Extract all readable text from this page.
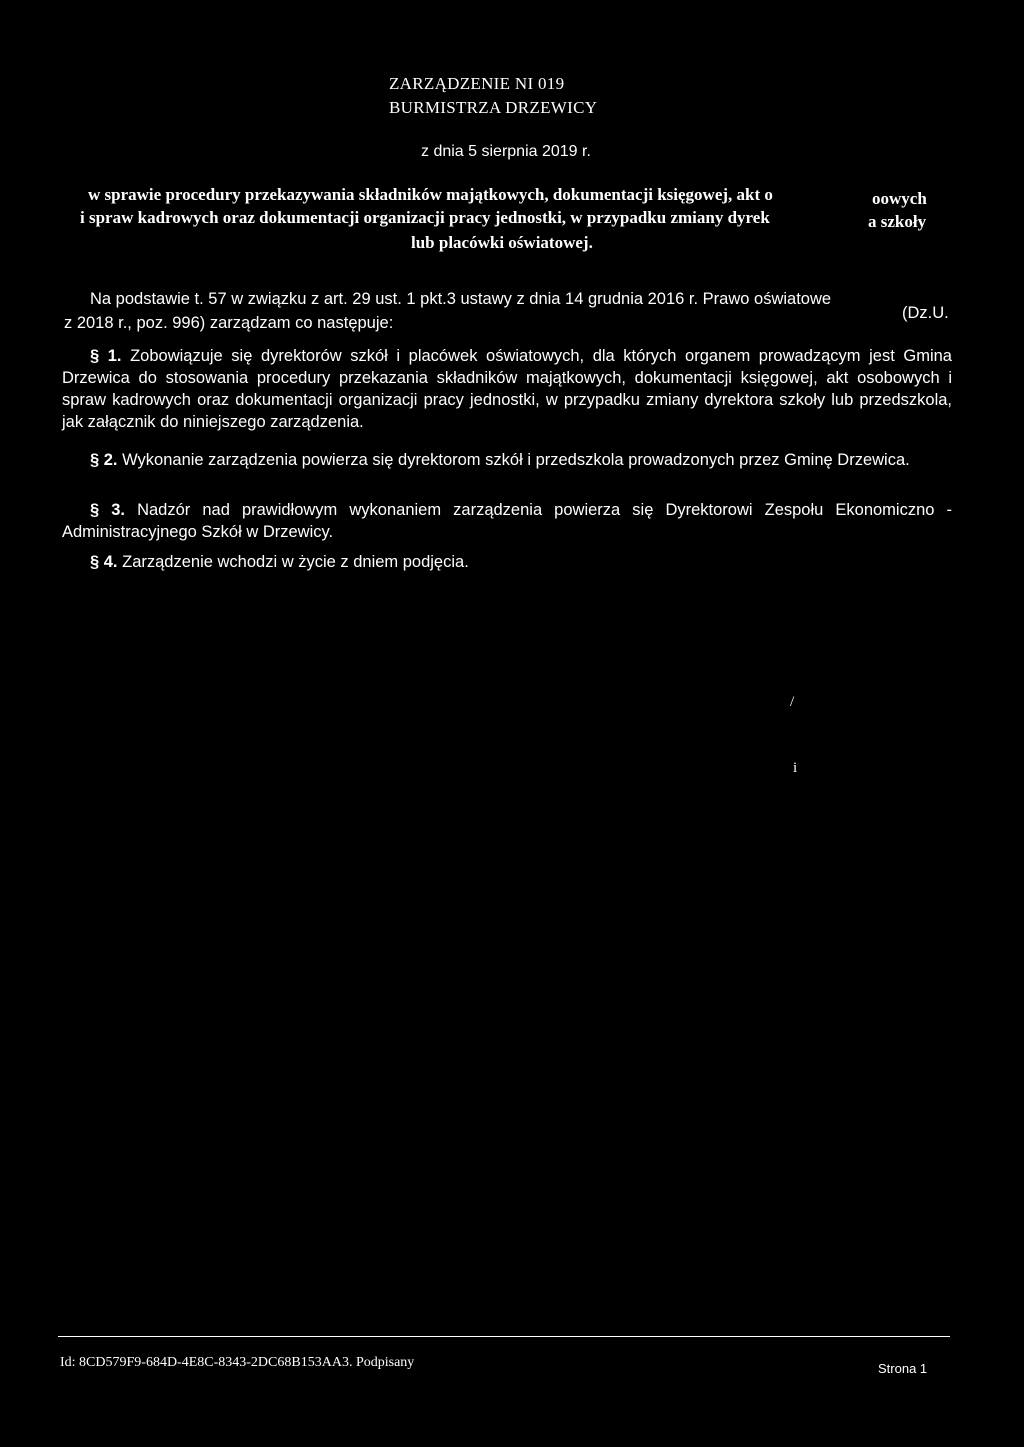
ZARZĄDZENIE NI 019
BURMISTRZA DRZEWICY
z dnia 5 sierpnia 2019 r.
w sprawie procedury przekazywania składników majątkowych, dokumentacji księgowej, akt o	oowych
i spraw kadrowych oraz dokumentacji organizacji pracy jednostki, w przypadku zmiany dyrek	a szkoły
lub placówki oświatowej.
Na podstawie t. 57 w związku z art. 29 ust. 1 pkt.3 ustawy z dnia 14 grudnia 2016 r. Prawo oświatowe
(Dz.U.
z 2018 r., poz. 996) zarządzam co następuje:
§ 1. Zobowiązuje się dyrektorów szkół i placówek oświatowych, dla których organem prowadzącym jest Gmina Drzewica do stosowania procedury przekazania składników majątkowych, dokumentacji księgowej, akt osobowych i spraw kadrowych oraz dokumentacji organizacji pracy jednostki, w przypadku zmiany dyrektora szkoły lub przedszkola, jak załącznik do niniejszego zarządzenia.
§ 2. Wykonanie zarządzenia powierza się dyrektorom szkół i przedszkola prowadzonych przez Gminę Drzewica.
§ 3. Nadzór nad prawidłowym wykonaniem zarządzenia powierza się Dyrektorowi Zespołu Ekonomiczno - Administracyjnego Szkół w Drzewicy.
§ 4. Zarządzenie wchodzi w życie z dniem podjęcia.
/
i
Id: 8CD579F9-684D-4E8C-8343-2DC68B153AA3. Podpisany	Strona 1
